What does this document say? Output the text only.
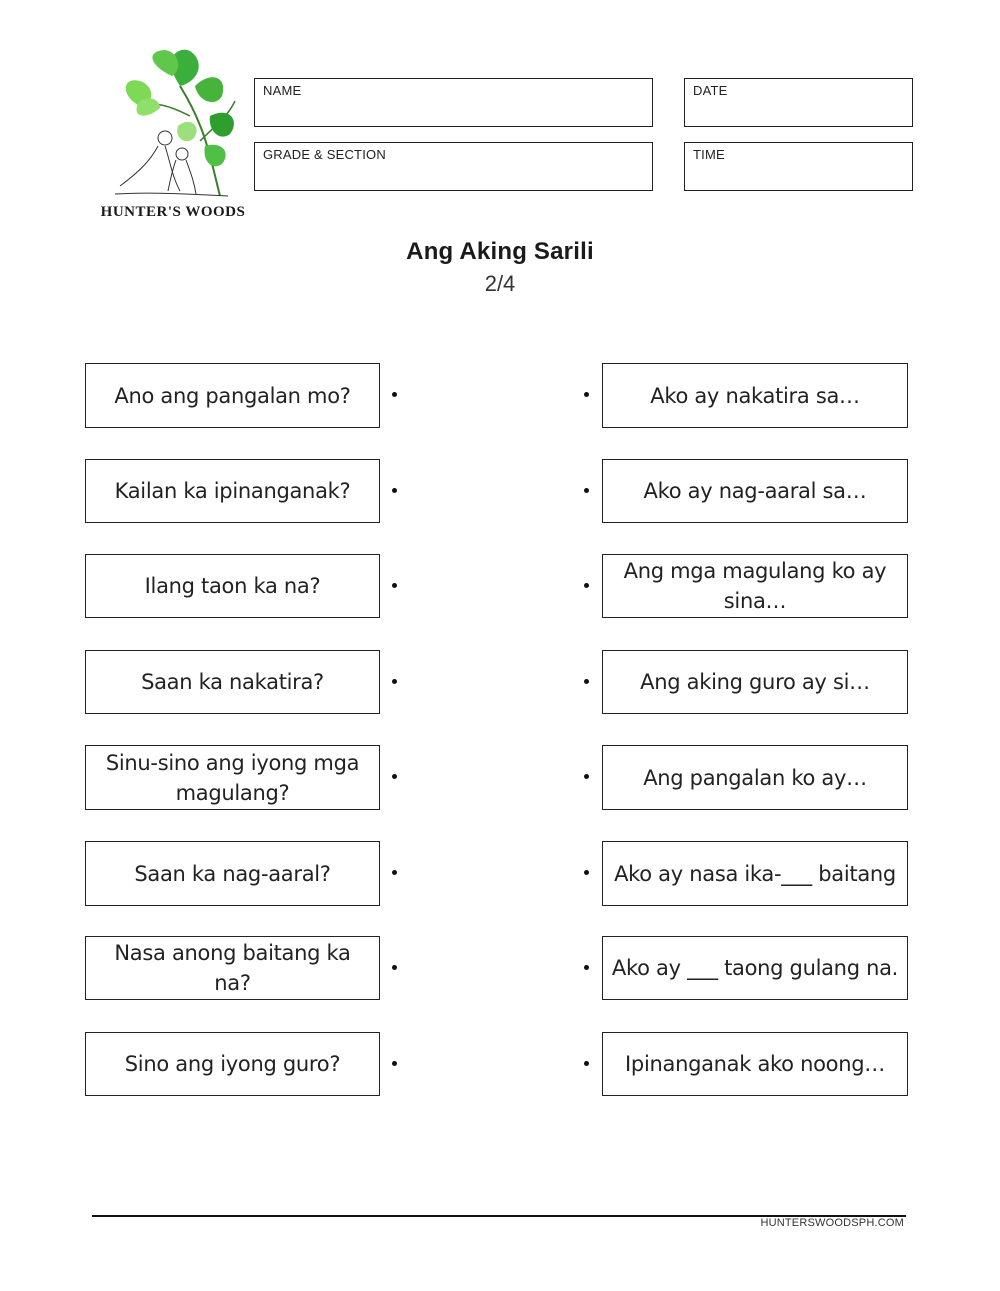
HUNTER'S WOODS
NAME	DATE
GRADE & SECTION	TIME
Ang Aking Sarili
2/4
Ano ang pangalan mo?
Kailan ka ipinanganak?
Ilang taon ka na?
Saan ka nakatira?
Sinu-sino ang iyong mga magulang?
Saan ka nag-aaral?
Nasa anong baitang ka na?
Sino ang iyong guro?
Ako ay nakatira sa…
Ako ay nag-aaral sa…
Ang mga magulang ko ay sina…
Ang aking guro ay si…
Ang pangalan ko ay…
Ako ay nasa ika-___ baitang
Ako ay ___ taong gulang na.
Ipinanganak ako noong…
HUNTERSWOODSPH.COM
